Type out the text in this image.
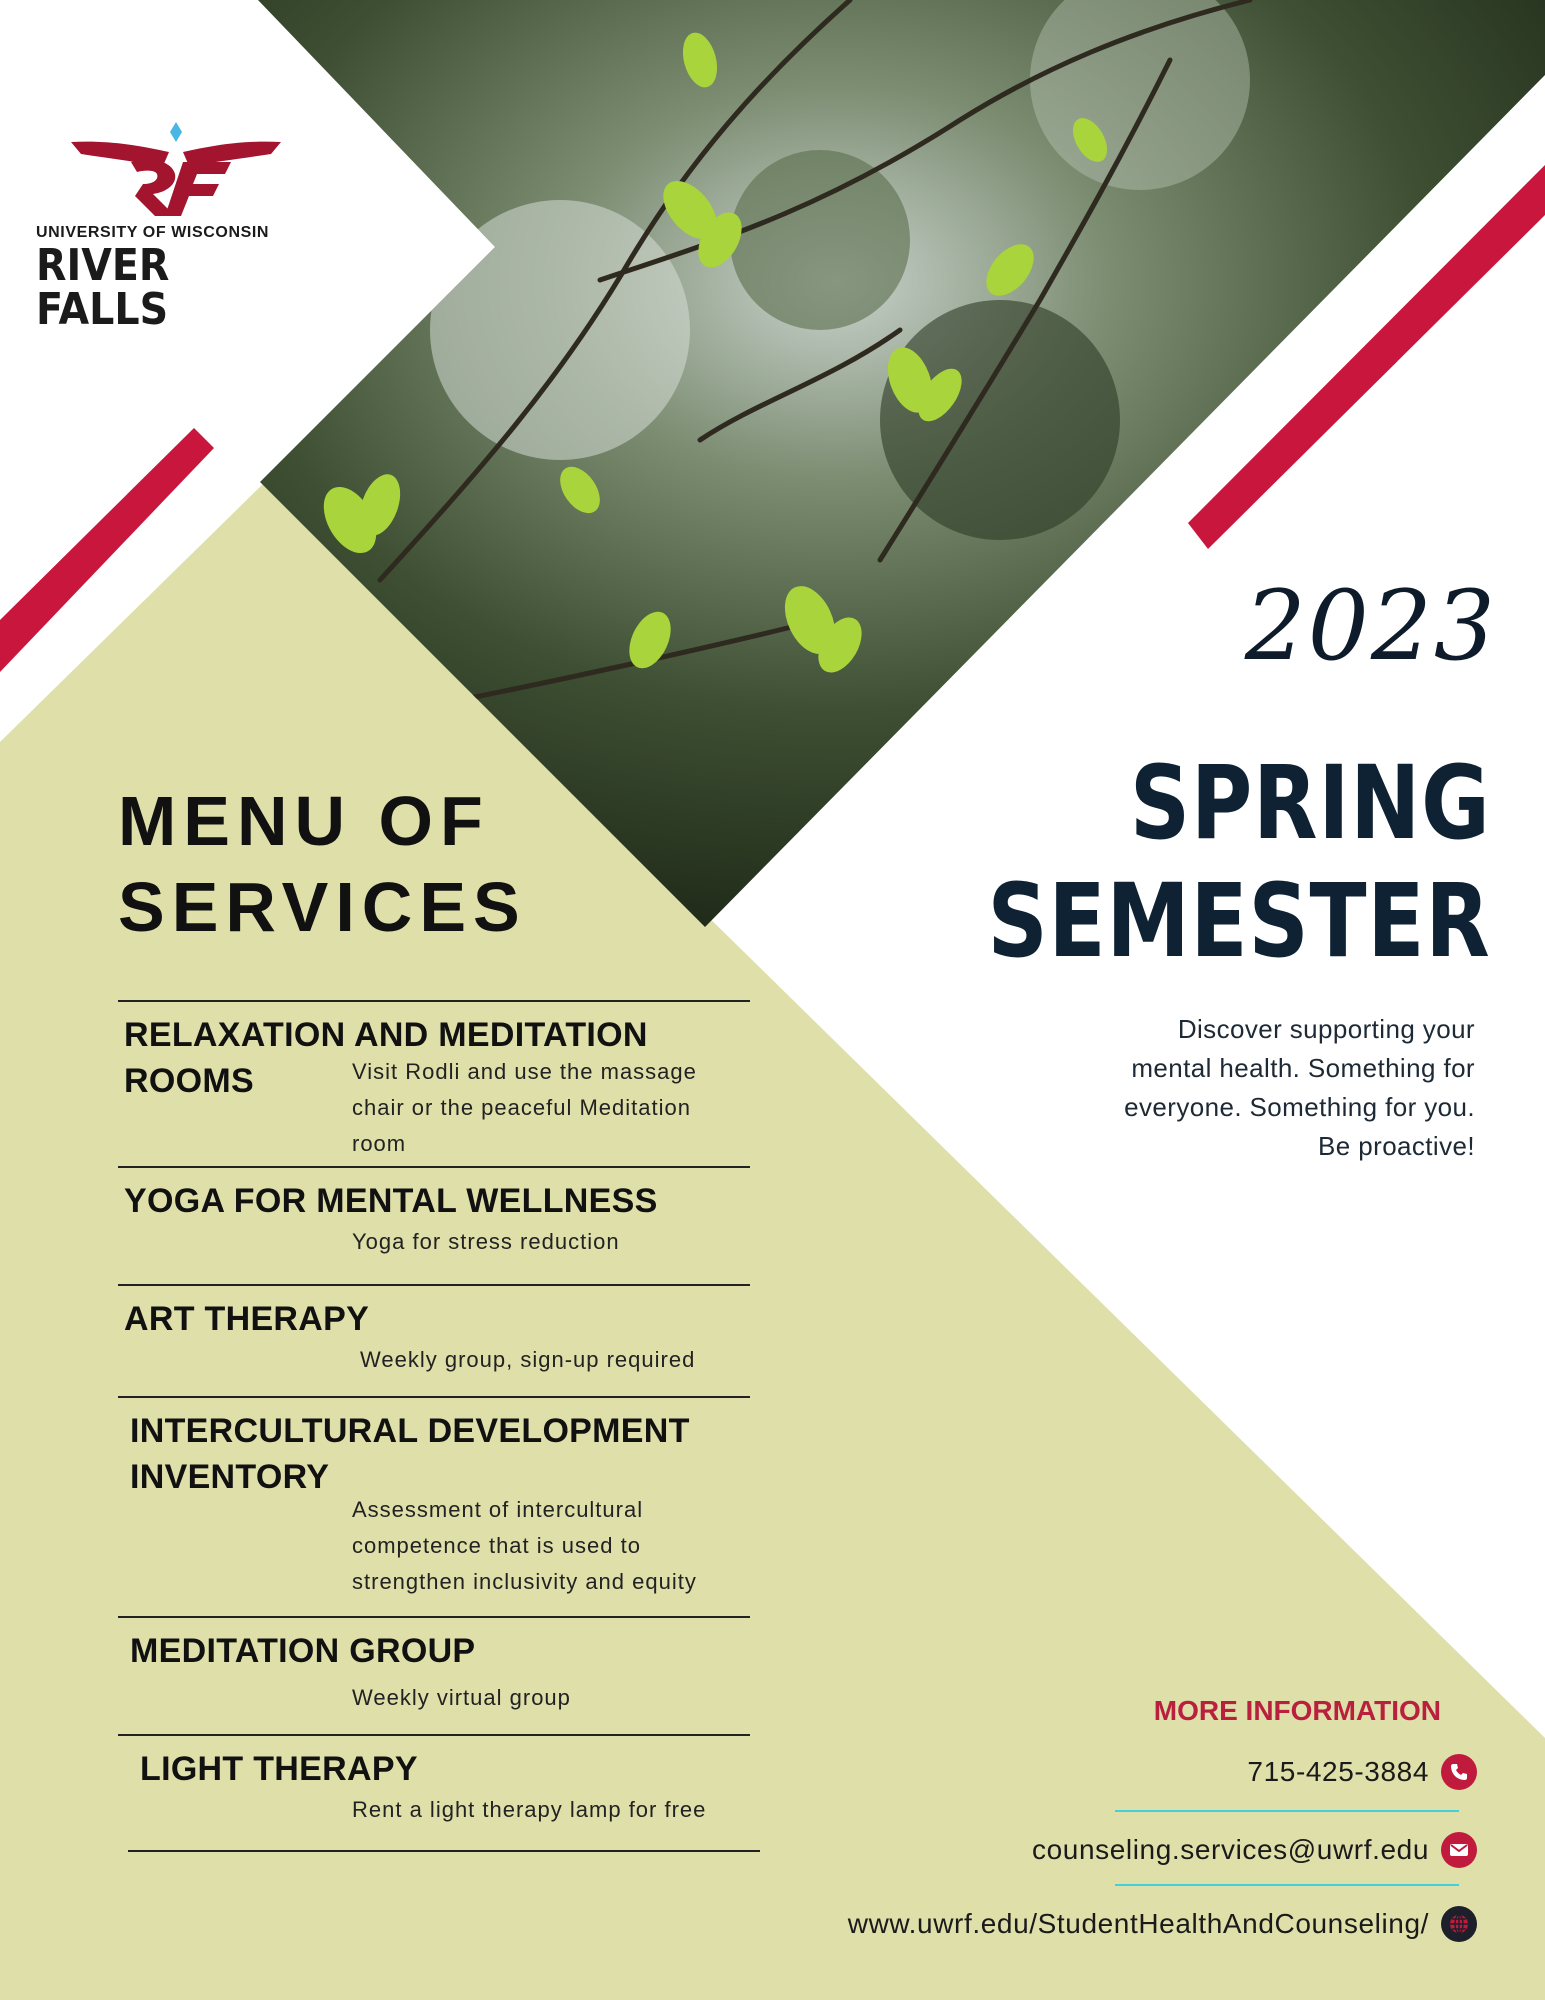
UNIVERSITY OF WISCONSIN
RIVER FALLS
2023
SPRING
SEMESTER
Discover supporting your
mental health. Something for
everyone. Something for you.
Be proactive!
MENU OF
SERVICES
RELAXATION AND MEDITATION
ROOMS	Visit Rodli and use the massage
chair or the peaceful Meditation
room
YOGA FOR MENTAL WELLNESS
Yoga for stress reduction
ART THERAPY
Weekly group, sign-up required
INTERCULTURAL DEVELOPMENT
INVENTORY
Assessment of intercultural
competence that is used to
strengthen inclusivity and equity
MEDITATION GROUP
Weekly virtual group
LIGHT THERAPY
Rent a light therapy lamp for free
MORE INFORMATION
715-425-3884
counseling.services@uwrf.edu
www.uwrf.edu/StudentHealthAndCounseling/
